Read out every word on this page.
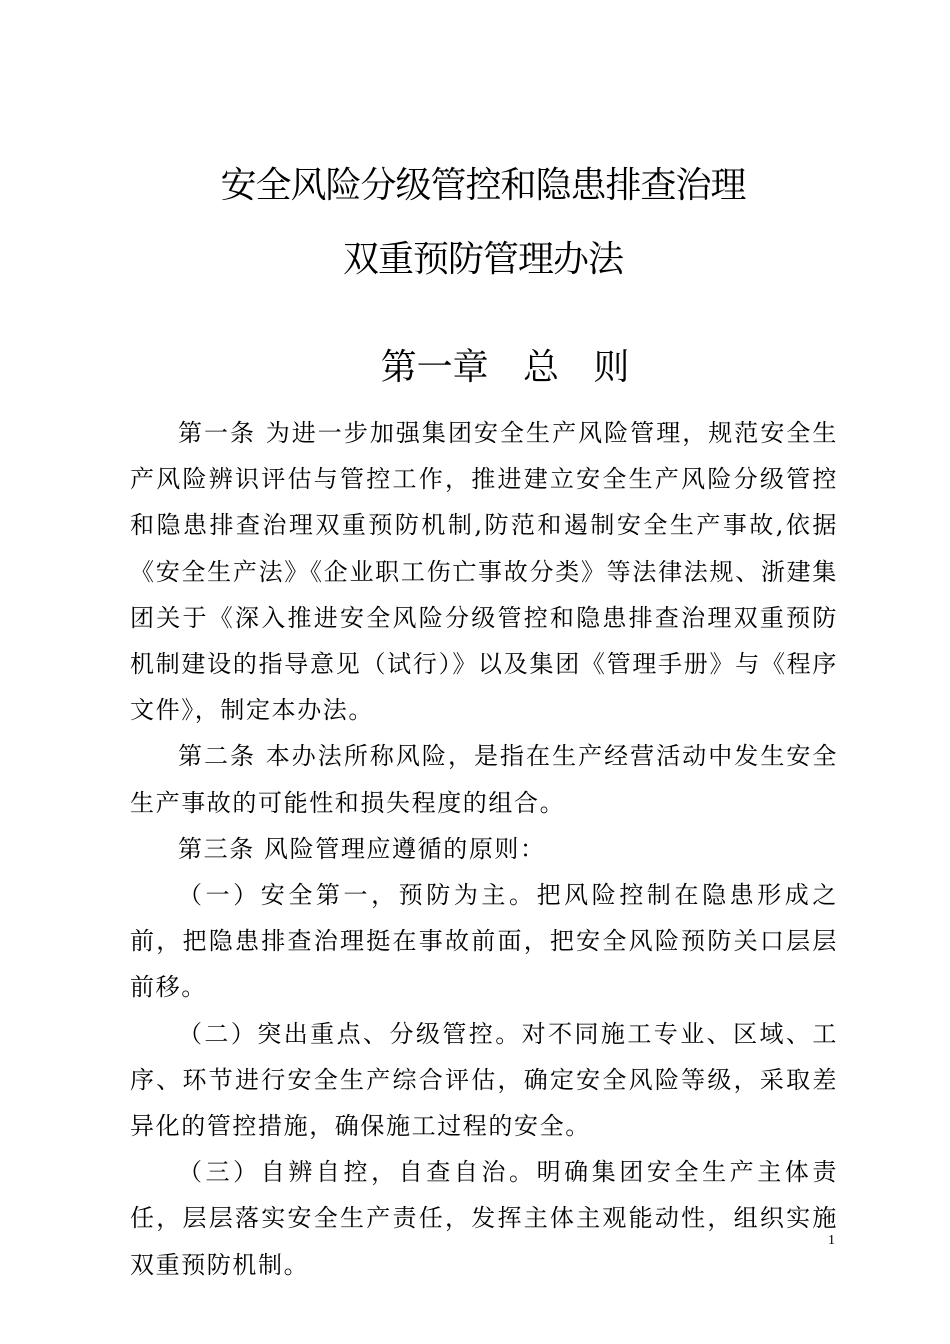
安全风险分级管控和隐患排查治理
双重预防管理办法
第一章   总   则

第一条 为进一步加强集团安全生产风险管理，规范安全生产风险辨识评估与管控工作，推进建立安全生产风险分级管控和隐患排查治理双重预防机制,防范和遏制安全生产事故,依据《安全生产法》《企业职工伤亡事故分类》等法律法规、浙建集团关于《深入推进安全风险分级管控和隐患排查治理双重预防机制建设的指导意见（试行）》以及集团《管理手册》与《程序文件》，制定本办法。

第二条 本办法所称风险，是指在生产经营活动中发生安全生产事故的可能性和损失程度的组合。

第三条 风险管理应遵循的原则：

（一）安全第一，预防为主。把风险控制在隐患形成之前，把隐患排查治理挺在事故前面，把安全风险预防关口层层前移。

（二）突出重点、分级管控。对不同施工专业、区域、工序、环节进行安全生产综合评估，确定安全风险等级，采取差异化的管控措施，确保施工过程的安全。

（三）自辨自控，自查自治。明确集团安全生产主体责任，层层落实安全生产责任，发挥主体主观能动性，组织实施双重预防机制。

1
